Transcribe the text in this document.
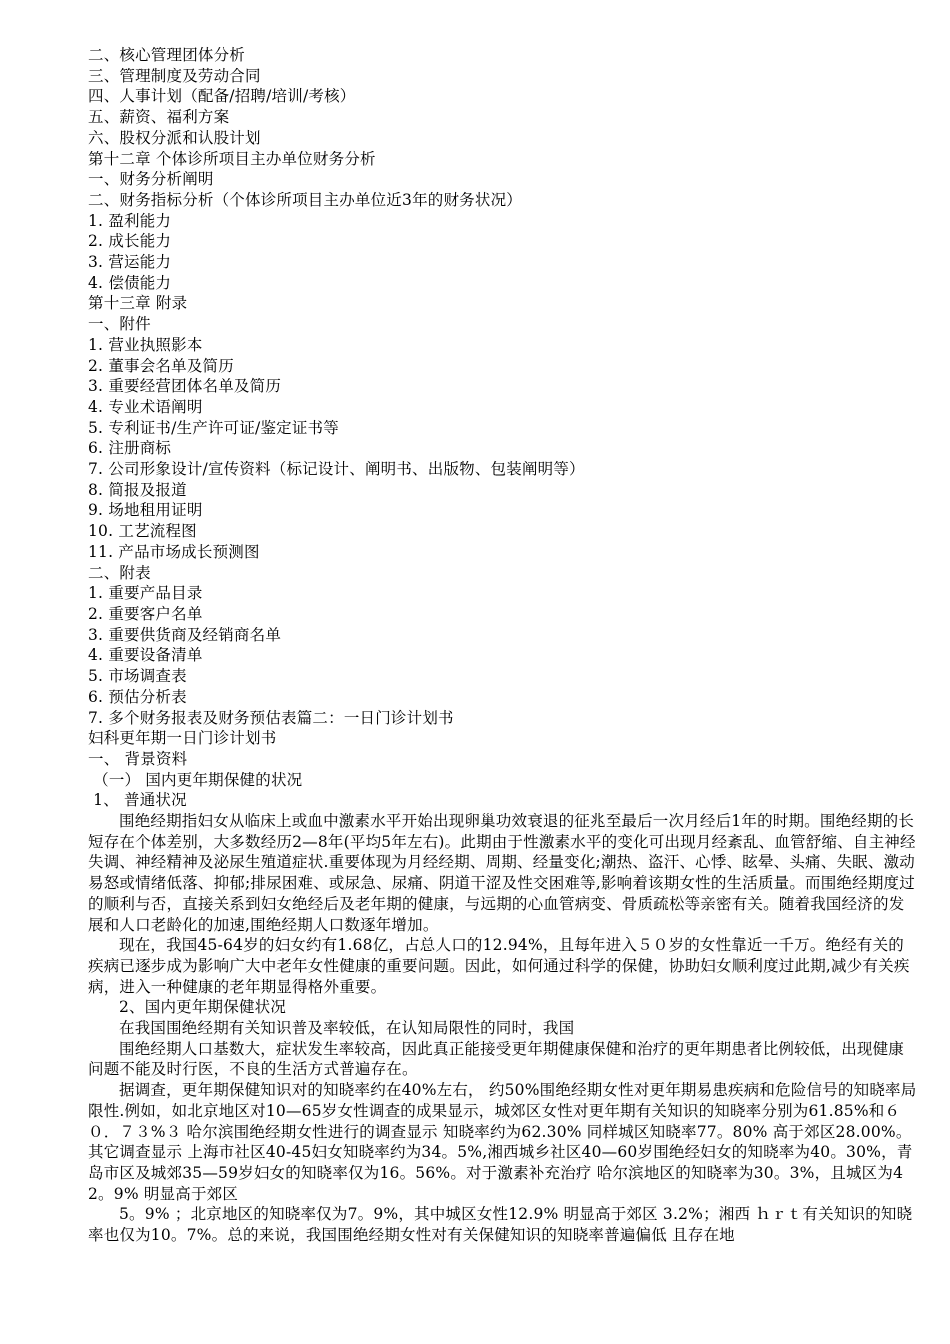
二、核心管理团体分析
三、管理制度及劳动合同
四、人事计划（配备/招聘/培训/考核）
五、薪资、福利方案
六、股权分派和认股计划
第十二章 个体诊所项目主办单位财务分析
一、财务分析阐明
二、财务指标分析（个体诊所项目主办单位近3年的财务状况）
1. 盈利能力
2. 成长能力
3. 营运能力
4. 偿债能力
第十三章 附录
一、附件
1. 营业执照影本
2. 董事会名单及简历
3. 重要经营团体名单及简历
4. 专业术语阐明
5. 专利证书/生产许可证/鉴定证书等
6. 注册商标
7. 公司形象设计/宣传资料（标记设计、阐明书、出版物、包装阐明等）
8. 简报及报道
9. 场地租用证明
10. 工艺流程图
11. 产品市场成长预测图
二、附表
1. 重要产品目录
2. 重要客户名单
3. 重要供货商及经销商名单
4. 重要设备清单
5. 市场调查表
6. 预估分析表
7. 多个财务报表及财务预估表篇二：一日门诊计划书
妇科更年期一日门诊计划书
一、 背景资料
（一） 国内更年期保健的状况
1、 普通状况

围绝经期指妇女从临床上或血中激素水平开始出现卵巢功效衰退的征兆至最后一次月经后1年的时期。围绝经期的长短存在个体差别，大多数经历2—8年(平均5年左右)。此期由于性激素水平的变化可出现月经紊乱、血管舒缩、自主神经失调、神经精神及泌尿生殖道症状.重要体现为月经经期、周期、经量变化;潮热、盗汗、心悸、眩晕、头痛、失眠、激动易怒或情绪低落、抑郁;排尿困难、或尿急、尿痛、阴道干涩及性交困难等,影响着该期女性的生活质量。而围绝经期度过的顺利与否，直接关系到妇女绝经后及老年期的健康，与远期的心血管病变、骨质疏松等亲密有关。随着我国经济的发展和人口老龄化的加速,围绝经期人口数逐年增加。

现在，我国45-64岁的妇女约有1.68亿，占总人口的12.94%，且每年进入５０岁的女性靠近一千万。绝经有关的疾病已逐步成为影响广大中老年女性健康的重要问题。因此，如何通过科学的保健，协助妇女顺利度过此期,减少有关疾病，进入一种健康的老年期显得格外重要。

2、国内更年期保健状况

在我国围绝经期有关知识普及率较低，在认知局限性的同时，我国

围绝经期人口基数大，症状发生率较高，因此真正能接受更年期健康保健和治疗的更年期患者比例较低，出现健康问题不能及时行医，不良的生活方式普遍存在。

据调查，更年期保健知识对的知晓率约在40%左右， 约50%围绝经期女性对更年期易患疾病和危险信号的知晓率局限性.例如，如北京地区对10—65岁女性调查的成果显示，城郊区女性对更年期有关知识的知晓率分别为61.85%和６０．７３%３ 哈尔滨围绝经期女性进行的调查显示 知晓率约为62.30% 同样城区知晓率77。80% 高于郊区28.00%。其它调查显示 上海市社区40-45妇女知晓率约为34。5%,湘西城乡社区40—60岁围绝经妇女的知晓率为40。30%，青岛市区及城郊35—59岁妇女的知晓率仅为16。56%。对于激素补充治疗 哈尔滨地区的知晓率为30。3%，且城区为42。9% 明显高于郊区

5。9% ；北京地区的知晓率仅为7。9%，其中城区女性12.9% 明显高于郊区 3.2%；湘西 ｈｒｔ有关知识的知晓率也仅为10。7%。总的来说，我国围绝经期女性对有关保健知识的知晓率普遍偏低 且存在地
